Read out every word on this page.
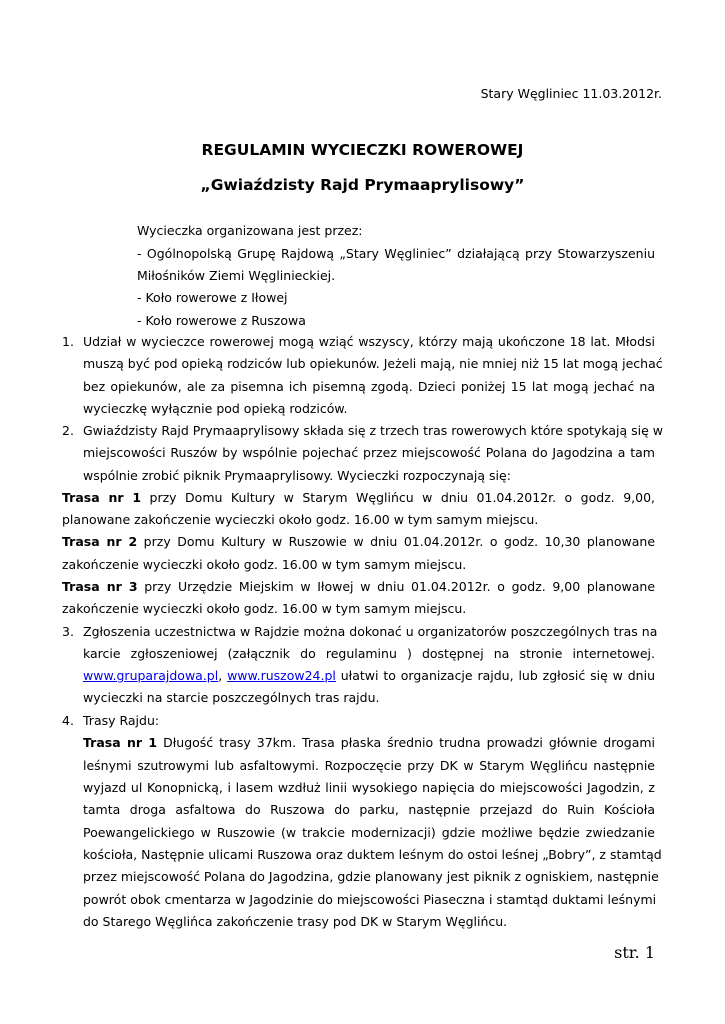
Stary Węgliniec 11.03.2012r.
REGULAMIN WYCIECZKI ROWEROWEJ
„Gwiaździsty Rajd Prymaaprylisowy”
Wycieczka organizowana jest przez:
- Ogólnopolską Grupę Rajdową „Stary Węgliniec” działającą przy Stowarzyszeniu
Miłośników Ziemi Węglinieckiej.
- Koło rowerowe z Iłowej
- Koło rowerowe z Ruszowa
1. Udział w wycieczce rowerowej mogą wziąć wszyscy, którzy mają ukończone 18 lat. Młodsi
muszą być pod opieką rodziców lub opiekunów. Jeżeli mają, nie mniej niż 15 lat mogą jechać
bez opiekunów, ale za pisemna ich pisemną zgodą. Dzieci poniżej 15 lat mogą jechać na
wycieczkę wyłącznie pod opieką rodziców.
2. Gwiaździsty Rajd Prymaaprylisowy składa się z trzech tras rowerowych które spotykają się w
miejscowości Ruszów by wspólnie pojechać przez miejscowość Polana do Jagodzina a tam
wspólnie zrobić piknik Prymaaprylisowy. Wycieczki rozpoczynają się:
Trasa nr 1 przy Domu Kultury w Starym Węglińcu w dniu 01.04.2012r. o godz. 9,00,
planowane zakończenie wycieczki około godz. 16.00 w tym samym miejscu.
Trasa nr 2 przy Domu Kultury w Ruszowie w dniu 01.04.2012r. o godz. 10,30 planowane
zakończenie wycieczki około godz. 16.00 w tym samym miejscu.
Trasa nr 3 przy Urzędzie Miejskim w Iłowej w dniu 01.04.2012r. o godz. 9,00 planowane
zakończenie wycieczki około godz. 16.00 w tym samym miejscu.
3. Zgłoszenia uczestnictwa w Rajdzie można dokonać u organizatorów poszczególnych tras na
karcie zgłoszeniowej (załącznik do regulaminu ) dostępnej na stronie internetowej.
www.gruparajdowa.pl, www.ruszow24.pl ułatwi to organizacje rajdu, lub zgłosić się w dniu
wycieczki na starcie poszczególnych tras rajdu.
4. Trasy Rajdu:
Trasa nr 1 Długość trasy 37km. Trasa płaska średnio trudna prowadzi głównie drogami
leśnymi szutrowymi lub asfaltowymi. Rozpoczęcie przy DK w Starym Węglińcu następnie
wyjazd ul Konopnicką, i lasem wzdłuż linii wysokiego napięcia do miejscowości Jagodzin, z
tamta droga asfaltowa do Ruszowa do parku, następnie przejazd do Ruin Kościoła
Poewangelickiego w Ruszowie (w trakcie modernizacji) gdzie możliwe będzie zwiedzanie
kościoła, Następnie ulicami Ruszowa oraz duktem leśnym do ostoi leśnej „Bobry”, z stamtąd
przez miejscowość Polana do Jagodzina, gdzie planowany jest piknik z ogniskiem, następnie
powrót obok cmentarza w Jagodzinie do miejscowości Piaseczna i stamtąd duktami leśnymi
do Starego Węglińca zakończenie trasy pod DK w Starym Węglińcu.
str. 1
